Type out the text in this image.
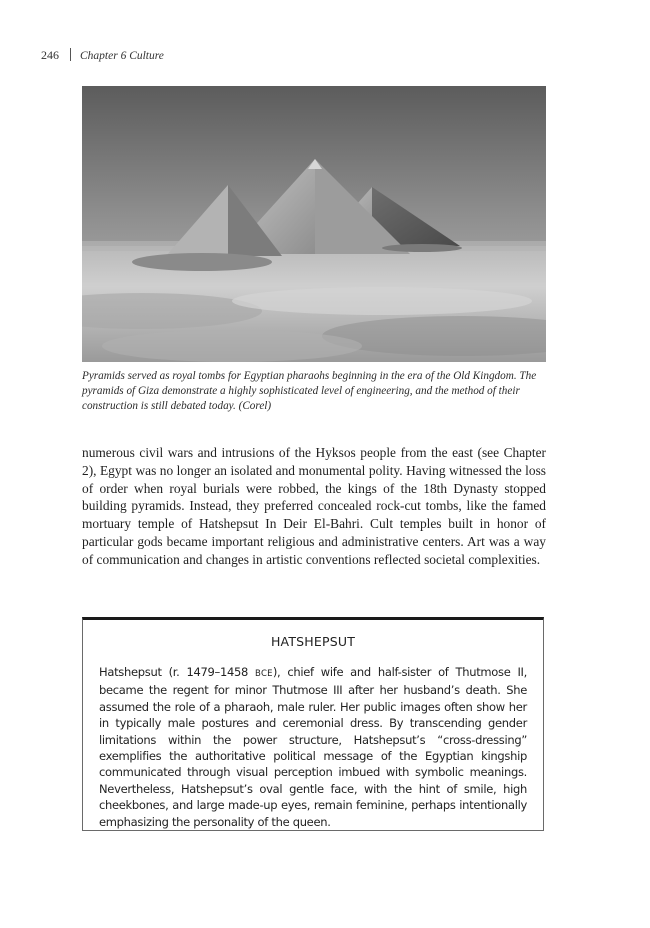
246 Chapter 6 Culture
Pyramids served as royal tombs for Egyptian pharaohs beginning in the era of the Old Kingdom. The pyramids of Giza demonstrate a highly sophisticated level of engineering, and the method of their construction is still debated today. (Corel)

numerous civil wars and intrusions of the Hyksos people from the east (see Chapter 2), Egypt was no longer an isolated and monumental polity. Having witnessed the loss of order when royal burials were robbed, the kings of the 18th Dynasty stopped building pyramids. Instead, they preferred concealed rock-cut tombs, like the famed mortuary temple of Hatshepsut In Deir El-Bahri. Cult temples built in honor of particular gods became important religious and administrative centers. Art was a way of communication and changes in artistic conventions reflected societal complexities.

HATSHEPSUT

Hatshepsut (r. 1479–1458 BCE), chief wife and half-sister of Thutmose II, became the regent for minor Thutmose III after her husband’s death. She assumed the role of a pharaoh, male ruler. Her public images often show her in typically male postures and ceremonial dress. By transcending gender limitations within the power structure, Hatshepsut’s “cross-dressing” exemplifies the authoritative political message of the Egyptian kingship communicated through visual perception imbued with symbolic meanings. Nevertheless, Hatshepsut’s oval gentle face, with the hint of smile, high cheekbones, and large made-up eyes, remain feminine, perhaps intentionally emphasizing the personality of the queen.
